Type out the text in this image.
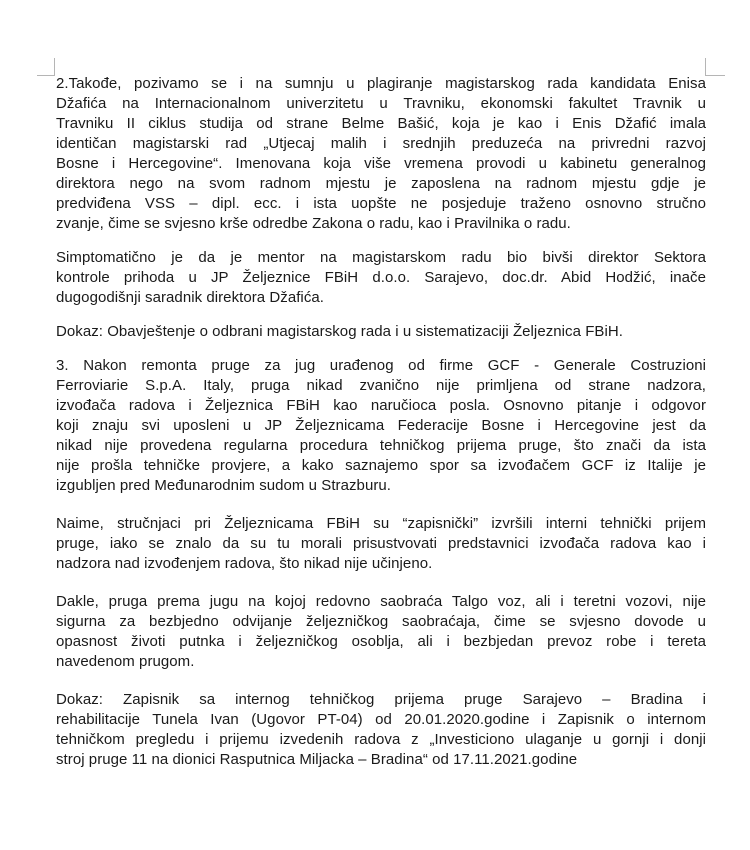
2.Takođe, pozivamo se i na sumnju u plagiranje magistarskog rada kandidata Enisa
Džafića na Internacionalnom univerzitetu u Travniku, ekonomski fakultet Travnik u
Travniku II ciklus studija od strane Belme Bašić, koja je kao i Enis Džafić imala
identičan magistarski rad „Utjecaj malih i srednjih preduzeća na privredni razvoj
Bosne i Hercegovine“. Imenovana koja više vremena provodi u kabinetu generalnog
direktora nego na svom radnom mjestu je zaposlena na radnom mjestu gdje je
predviđena VSS – dipl. ecc. i ista uopšte ne posjeduje traženo osnovno stručno
zvanje, čime se svjesno krše odredbe Zakona o radu, kao i Pravilnika o radu.

Simptomatično je da je mentor na magistarskom radu bio bivši direktor Sektora
kontrole prihoda u JP Željeznice FBiH d.o.o. Sarajevo, doc.dr. Abid Hodžić, inače
dugogodišnji saradnik direktora Džafića.

Dokaz: Obavještenje o odbrani magistarskog rada i u sistematizaciji Željeznica FBiH.

3. Nakon remonta pruge za jug urađenog od firme GCF - Generale Costruzioni
Ferroviarie S.p.A. Italy, pruga nikad zvanično nije primljena od strane nadzora,
izvođača radova i Željeznica FBiH kao naručioca posla. Osnovno pitanje i odgovor
koji znaju svi uposleni u JP Željeznicama Federacije Bosne i Hercegovine jest da
nikad nije provedena regularna procedura tehničkog prijema pruge, što znači da ista
nije prošla tehničke provjere, a kako saznajemo spor sa izvođačem GCF iz Italije je
izgubljen pred Međunarodnim sudom u Strazburu.

Naime, stručnjaci pri Željeznicama FBiH su “zapisnički” izvršili interni tehnički prijem
pruge, iako se znalo da su tu morali prisustvovati predstavnici izvođača radova kao i
nadzora nad izvođenjem radova, što nikad nije učinjeno.

Dakle, pruga prema jugu na kojoj redovno saobraća Talgo voz, ali i teretni vozovi, nije
sigurna za bezbjedno odvijanje željezničkog saobraćaja, čime se svjesno dovode u
opasnost životi putnka i željezničkog osoblja, ali i bezbjedan prevoz robe i tereta
navedenom prugom.

Dokaz: Zapisnik sa internog tehničkog prijema pruge Sarajevo – Bradina i
rehabilitacije Tunela Ivan (Ugovor PT-04) od 20.01.2020.godine i Zapisnik o internom
tehničkom pregledu i prijemu izvedenih radova z „Investiciono ulaganje u gornji i donji
stroj pruge 11 na dionici Rasputnica Miljacka – Bradina“ od 17.11.2021.godine
